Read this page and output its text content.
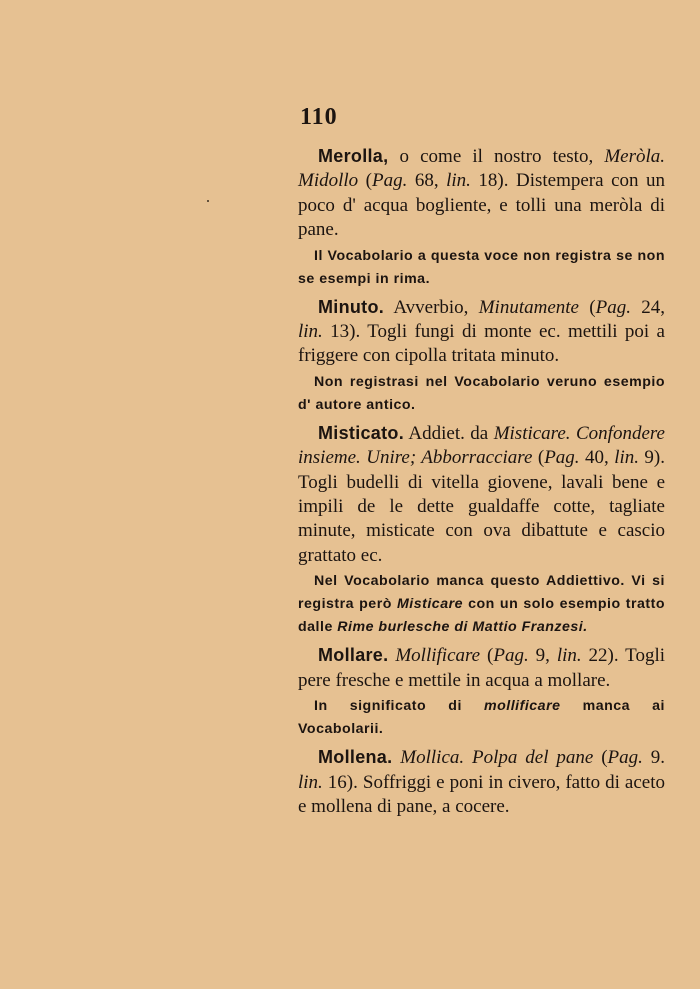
110

Merolla, o come il nostro testo, Meròla. Midollo (Pag. 68, lin. 18). Distempera con un poco d' acqua bogliente, e tolli una meròla di pane.

Il Vocabolario a questa voce non registra se non se esempi in rima.

Minuto. Avverbio, Minutamente (Pag. 24, lin. 13). Togli fungi di monte ec. mettili poi a friggere con cipolla tritata minuto.

Non registrasi nel Vocabolario veruno esempio d' autore antico.

Misticato. Addiet. da Misticare. Confondere insieme. Unire; Abborracciare (Pag. 40, lin. 9). Togli budelli di vitella giovene, lavali bene e impili de le dette gualdaffe cotte, tagliate minute, misticate con ova dibattute e cascio grattato ec.

Nel Vocabolario manca questo Addiettivo. Vi si registra però Misticare con un solo esempio tratto dalle Rime burlesche di Mattio Franzesi.

Mollare. Mollificare (Pag. 9, lin. 22). Togli pere fresche e mettile in acqua a mollare.

In significato di mollificare manca ai Vocabolarii.

Mollena. Mollica. Polpa del pane (Pag. 9. lin. 16). Soffriggi e poni in civero, fatto di aceto e mollena di pane, a cocere.
